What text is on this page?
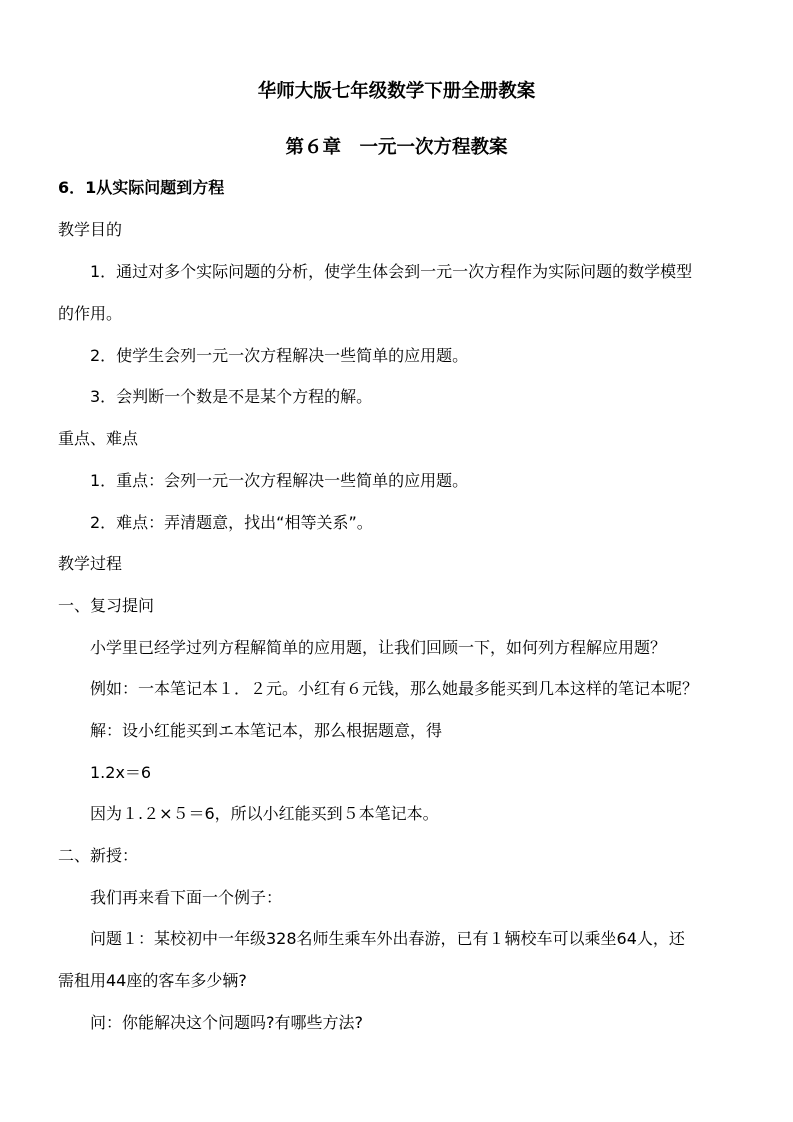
华师大版七年级数学下册全册教案
第６章　一元一次方程教案
6．1从实际问题到方程
教学目的
1．通过对多个实际问题的分析，使学生体会到一元一次方程作为实际问题的数学模型
的作用。
2．使学生会列一元一次方程解决一些简单的应用题。
3．会判断一个数是不是某个方程的解。
重点、难点
1．重点：会列一元一次方程解决一些简单的应用题。
2．难点：弄清题意，找出“相等关系”。
教学过程
一、复习提问
小学里已经学过列方程解简单的应用题，让我们回顾一下，如何列方程解应用题？
例如：一本笔记本１．２元。小红有６元钱，那么她最多能买到几本这样的笔记本呢？
解：设小红能买到エ本笔记本，那么根据题意，得
1.2x＝6
因为１.２×５＝6，所以小红能买到５本笔记本。
二、新授：
我们再来看下面一个例子：
问题１：某校初中一年级328名师生乘车外出春游，已有１辆校车可以乘坐64人，还
需租用44座的客车多少辆?
问：你能解决这个问题吗?有哪些方法?
